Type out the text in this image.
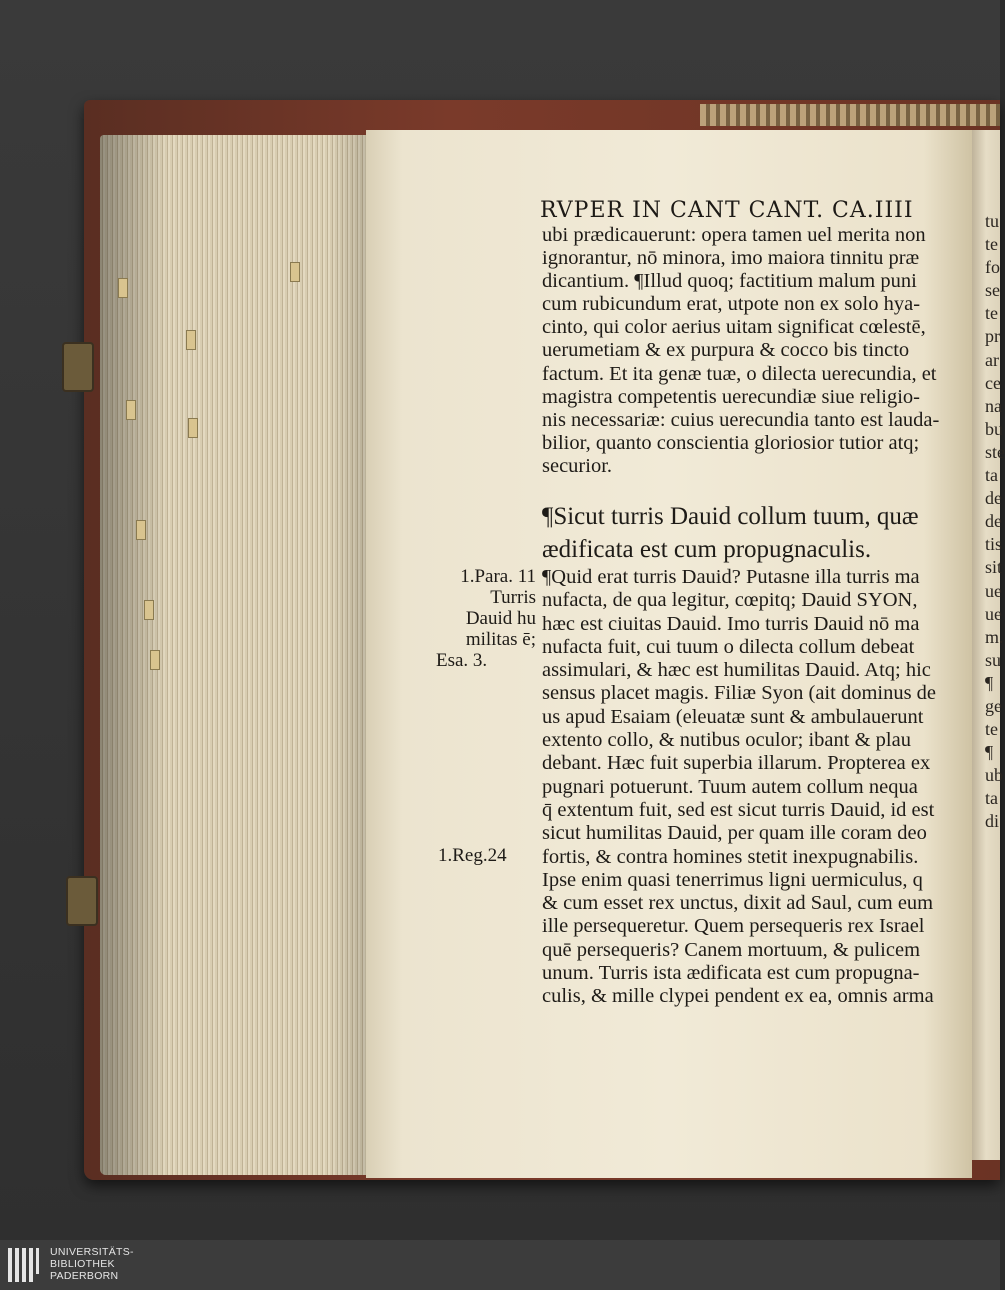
RVPER IN CANT CANT. CA.IIII
ubi prædicauerunt: opera tamen uel merita non
ignorantur, nō minora, imo maiora tinnitu præ
dicantium. ¶Illud quoq; factitium malum puni
cum rubicundum erat, utpote non ex solo hya-
cinto, qui color aerius uitam significat cœlestē,
uerumetiam & ex purpura & cocco bis tincto
factum. Et ita genæ tuæ, o dilecta uerecundia, et
magistra competentis uerecundiæ siue religio-
nis necessariæ: cuius uerecundia tanto est lauda-
bilior, quanto conscientia gloriosior tutior atq;
securior.
¶Sicut turris Dauid collum tuum, quæ
ædificata est cum propugnaculis.
1.Para. 11
Turris
Dauid hu
militas ē;
Esa. 3.
1.Reg.24
¶Quid erat turris Dauid? Putasne illa turris ma
nufacta, de qua legitur, cœpitq; Dauid SYON,
hæc est ciuitas Dauid. Imo turris Dauid nō ma
nufacta fuit, cui tuum o dilecta collum debeat
assimulari, & hæc est humilitas Dauid. Atq; hic
sensus placet magis. Filiæ Syon (ait dominus de
us apud Esaiam (eleuatæ sunt & ambulauerunt
extento collo, & nutibus oculor; ibant & plau
debant. Hæc fuit superbia illarum. Propterea ex
pugnari potuerunt. Tuum autem collum nequa
q̄ extentum fuit, sed est sicut turris Dauid, id est
sicut humilitas Dauid, per quam ille coram deo
fortis, & contra homines stetit inexpugnabilis.
Ipse enim quasi tenerrimus ligni uermiculus, q
& cum esset rex unctus, dixit ad Saul, cum eum
ille persequeretur. Quem persequeris rex Israel
quē persequeris? Canem mortuum, & pulicem
unum. Turris ista ædificata est cum propugna-
culis, & mille clypei pendent ex ea, omnis arma
tu
te
fo
se
te
pr
ar
ce
na
bu
ste
ta
de
de
tis
sit
ue
ue
m.
su
¶
ge
te
¶
ub
ta
di
UNIVERSITÄTS-
BIBLIOTHEK
PADERBORN
